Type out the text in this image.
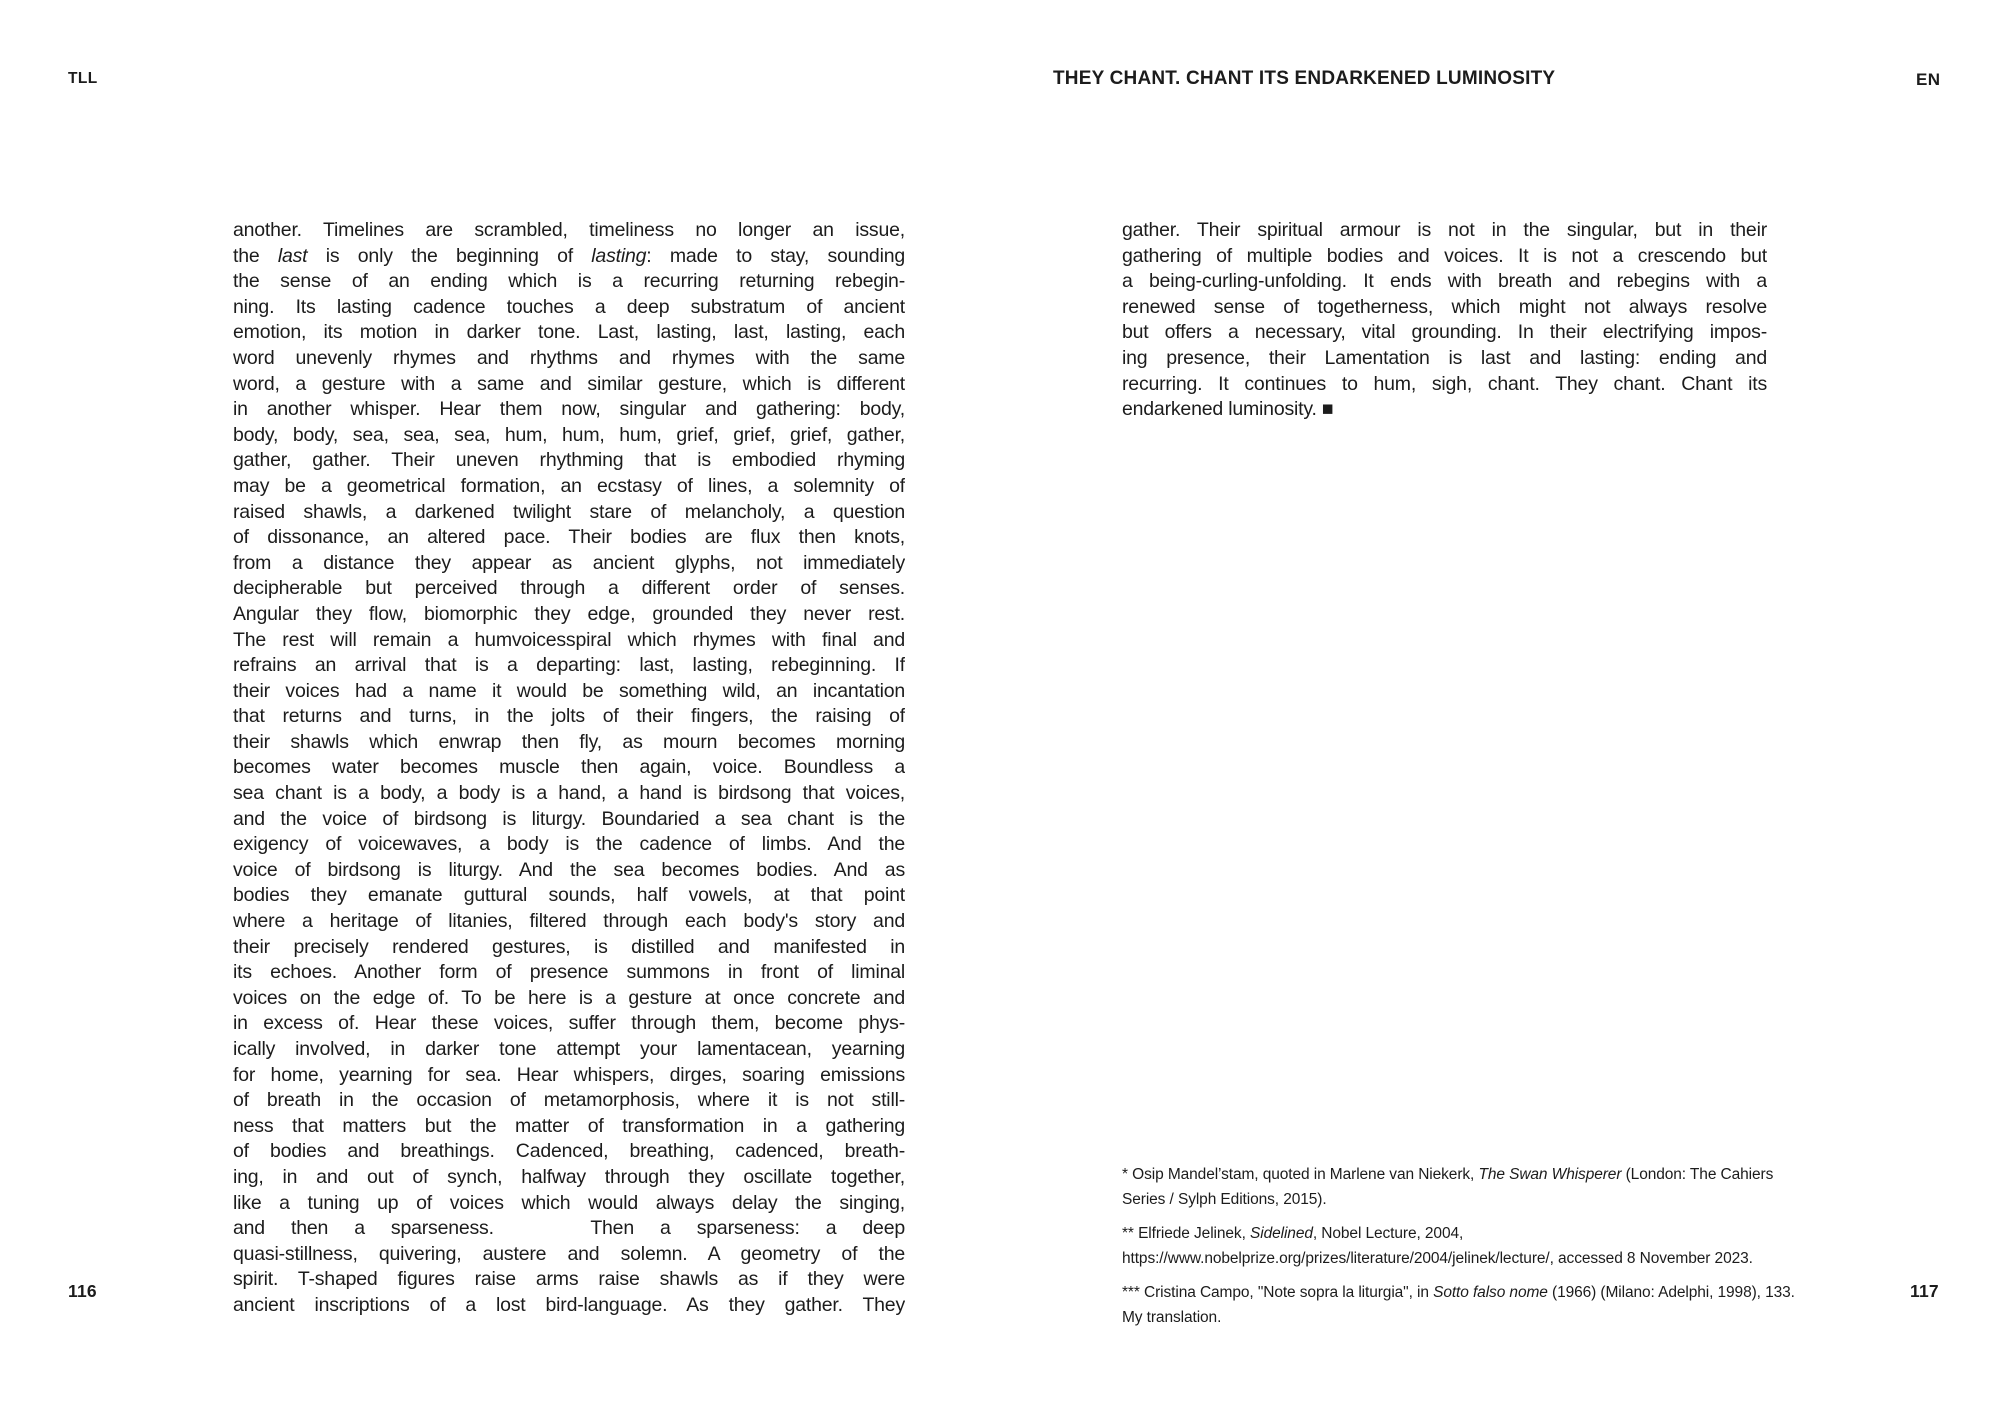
TLL	THEY CHANT. CHANT ITS ENDARKENED LUMINOSITY	EN
another. Timelines are scrambled, timeliness no longer an issue,
the last is only the beginning of lasting: made to stay, sounding
the sense of an ending which is a recurring returning rebegin-
ning. Its lasting cadence touches a deep substratum of ancient
emotion, its motion in darker tone. Last, lasting, last, lasting, each
word unevenly rhymes and rhythms and rhymes with the same
word, a gesture with a same and similar gesture, which is different
in another whisper. Hear them now, singular and gathering: body,
body, body, sea, sea, sea, hum, hum, hum, grief, grief, grief, gather,
gather, gather. Their uneven rhythming that is embodied rhyming
may be a geometrical formation, an ecstasy of lines, a solemnity of
raised shawls, a darkened twilight stare of melancholy, a question
of dissonance, an altered pace. Their bodies are flux then knots,
from a distance they appear as ancient glyphs, not immediately
decipherable but perceived through a different order of senses.
Angular they flow, biomorphic they edge, grounded they never rest.
The rest will remain a humvoicesspiral which rhymes with final and
refrains an arrival that is a departing: last, lasting, rebeginning. If
their voices had a name it would be something wild, an incantation
that returns and turns, in the jolts of their fingers, the raising of
their shawls which enwrap then fly, as mourn becomes morning
becomes water becomes muscle then again, voice. Boundless a
sea chant is a body, a body is a hand, a hand is birdsong that voices,
and the voice of birdsong is liturgy. Boundaried a sea chant is the
exigency of voicewaves, a body is the cadence of limbs. And the
voice of birdsong is liturgy. And the sea becomes bodies. And as
bodies they emanate guttural sounds, half vowels, at that point
where a heritage of litanies, filtered through each body's story and
their precisely rendered gestures, is distilled and manifested in
its echoes. Another form of presence summons in front of liminal
voices on the edge of. To be here is a gesture at once concrete and
in excess of. Hear these voices, suffer through them, become phys-
ically involved, in darker tone attempt your lamentacean, yearning
for home, yearning for sea. Hear whispers, dirges, soaring emissions
of breath in the occasion of metamorphosis, where it is not still-
ness that matters but the matter of transformation in a gathering
of bodies and breathings. Cadenced, breathing, cadenced, breath-
ing, in and out of synch, halfway through they oscillate together,
like a tuning up of voices which would always delay the singing,
and then a sparseness.     Then a sparseness: a deep
quasi-stillness, quivering, austere and solemn. A geometry of the
spirit. T-shaped figures raise arms raise shawls as if they were
ancient inscriptions of a lost bird-language. As they gather. They
gather. Their spiritual armour is not in the singular, but in their
gathering of multiple bodies and voices. It is not a crescendo but
a being-curling-unfolding. It ends with breath and rebegins with a
renewed sense of togetherness, which might not always resolve
but offers a necessary, vital grounding. In their electrifying impos-
ing presence, their Lamentation is last and lasting: ending and
recurring. It continues to hum, sigh, chant. They chant. Chant its
endarkened luminosity. ■
* Osip Mandel’stam, quoted in Marlene van Niekerk, The Swan Whisperer (London: The Cahiers
Series / Sylph Editions, 2015).
** Elfriede Jelinek, Sidelined, Nobel Lecture, 2004,
https://www.nobelprize.org/prizes/literature/2004/jelinek/lecture/, accessed 8 November 2023.
*** Cristina Campo, "Note sopra la liturgia", in Sotto falso nome (1966) (Milano: Adelphi, 1998), 133.
My translation.
116	117
